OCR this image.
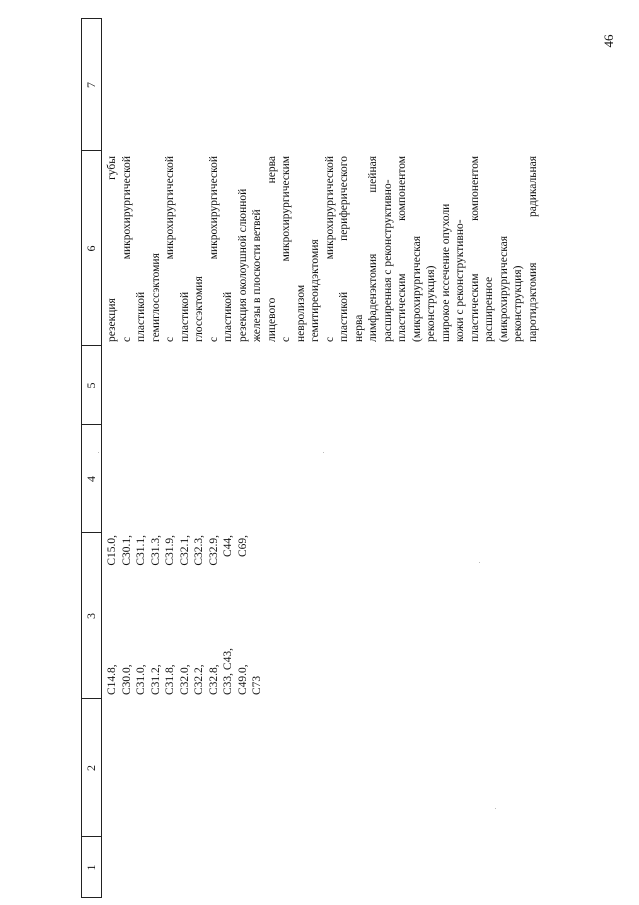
46
1
2
3
4
5
6
7
C14.8,
C15.0,
C30.0,
C30.1,
C31.0,
C31.1,
C31.2,
C31.3,
C31.8,
C31.9,
C32.0,
C32.1,
C32.2,
C32.3,
C32.8,
C32.9,
C33, C43,
C44,
C49.0,
C69,
C73
резекция
губы
с
микрохирургической
пластикой гемиглоссэктомия с
микрохирургической
пластикой глоссэктомия с
микрохирургической
пластикой резекция околоушной слюнной железы в плоскости ветвей лицевого
нерва
с
микрохирургическим
невролизом гемитиреоидэктомия с
микрохирургической
пластикой
периферического
нерва лимфаденэктомия
шейная
расширенная с реконструктивно- пластическим
компонентом
(микрохирургическая реконструкция) широкое иссечение опухоли кожи с реконструктивно- пластическим
компонентом
расширенное (микрохирургическая реконструкция) паротидэктомия
радикальная
